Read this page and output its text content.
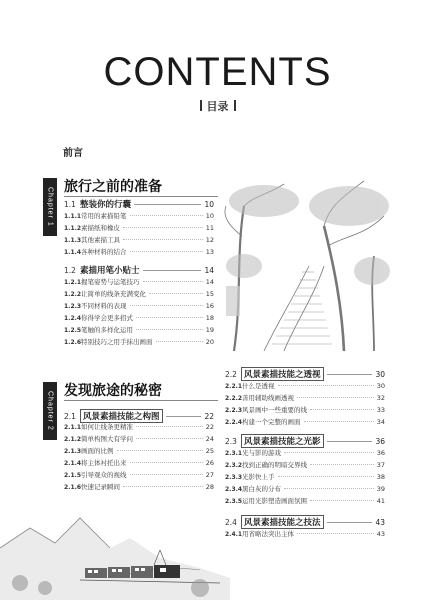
CONTENTS
目录
前言
Chapter 1
旅行之前的准备
1.1 整装你的行囊	10
1.1.1 常用的素描铅笔	10
1.1.2 素描纸和橡皮	11
1.1.3 其他素描工具	12
1.1.4 各种材料的结合	13
1.2 素描用笔小贴士	14
1.2.1 握笔姿势与运笔技巧	14
1.2.2 让简单的线条充满变化	15
1.2.3 不同材料的表现	16
1.2.4 你得学会更多招式	18
1.2.5 笔触的多样化运用	19
1.2.6 特别技巧之用手抹出画面	20
Chapter 2
发现旅途的秘密
2.1 风景素描技能之构图	22
2.1.1 如何让线条更精准	22
2.1.2 简单构图大有学问	24
2.1.3 画面的比例	25
2.1.4 将主体衬托出来	26
2.1.5 引导观众的视线	27
2.1.6 快速记录瞬间	28
2.2 风景素描技能之透视	30
2.2.1 什么是透视	30
2.2.2 善用辅助线画透视	32
2.2.3 风景画中一些重要的线	33
2.2.4 构建一个完整的画面	34
2.3 风景素描技能之光影	36
2.3.1 光与影的游戏	36
2.3.2 找到正确的明暗交界线	37
2.3.3 光影快上手	38
2.3.4 黑白灰的分布	39
2.3.5 运用光影塑造画面氛围	41
2.4 风景素描技能之技法	43
2.4.1 用省略法突出主体	43
